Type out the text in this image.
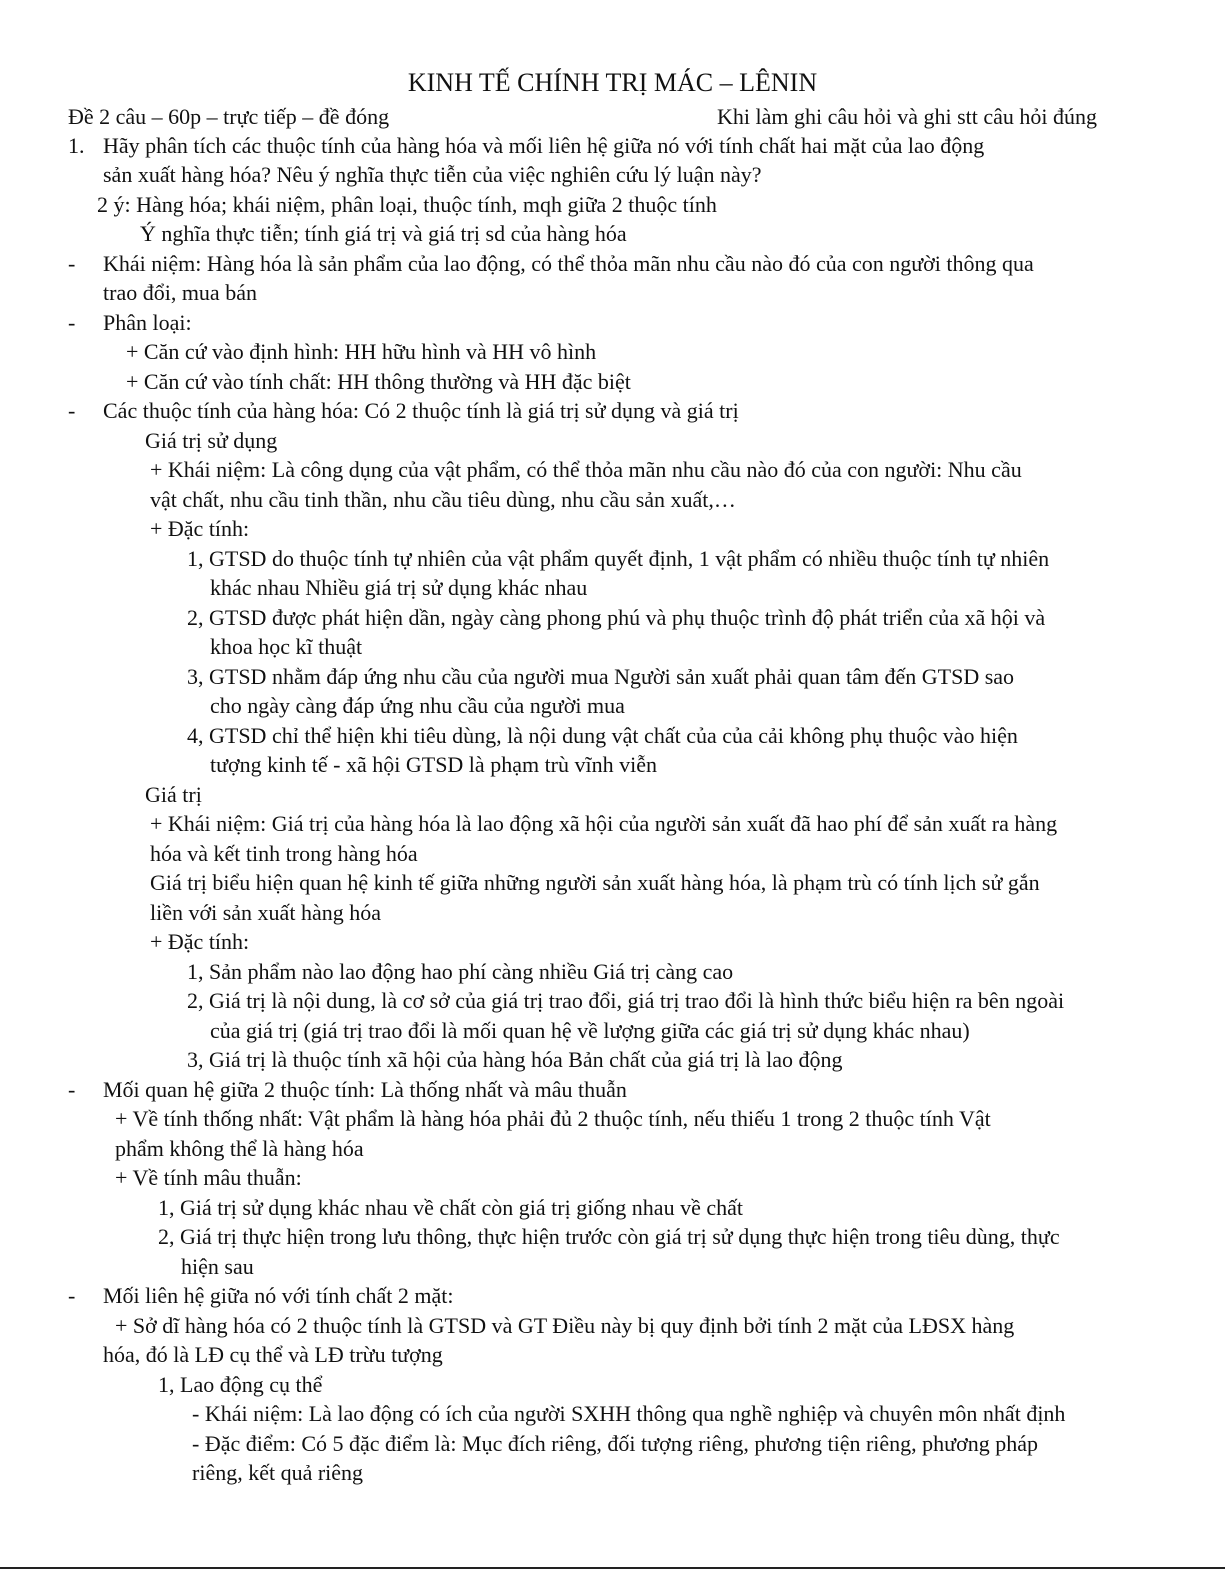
KINH TẾ CHÍNH TRỊ MÁC – LÊNIN
Đề 2 câu – 60p – trực tiếp – đề đóng	Khi làm ghi câu hỏi và ghi stt câu hỏi đúng
1. Hãy phân tích các thuộc tính của hàng hóa và mối liên hệ giữa nó với tính chất hai mặt của lao động
sản xuất hàng hóa? Nêu ý nghĩa thực tiễn của việc nghiên cứu lý luận này?
2 ý: Hàng hóa; khái niệm, phân loại, thuộc tính, mqh giữa 2 thuộc tính
Ý nghĩa thực tiễn; tính giá trị và giá trị sd của hàng hóa
- Khái niệm: Hàng hóa là sản phẩm của lao động, có thể thỏa mãn nhu cầu nào đó của con người thông qua
trao đổi, mua bán
- Phân loại:
+ Căn cứ vào định hình: HH hữu hình và HH vô hình
+ Căn cứ vào tính chất: HH thông thường và HH đặc biệt
- Các thuộc tính của hàng hóa: Có 2 thuộc tính là giá trị sử dụng và giá trị
Giá trị sử dụng
+ Khái niệm: Là công dụng của vật phẩm, có thể thỏa mãn nhu cầu nào đó của con người: Nhu cầu
vật chất, nhu cầu tinh thần, nhu cầu tiêu dùng, nhu cầu sản xuất,…
+ Đặc tính:
1, GTSD do thuộc tính tự nhiên của vật phẩm quyết định, 1 vật phẩm có nhiều thuộc tính tự nhiên
khác nhau Nhiều giá trị sử dụng khác nhau
2, GTSD được phát hiện dần, ngày càng phong phú và phụ thuộc trình độ phát triển của xã hội và
khoa học kĩ thuật
3, GTSD nhằm đáp ứng nhu cầu của người mua Người sản xuất phải quan tâm đến GTSD sao
cho ngày càng đáp ứng nhu cầu của người mua
4, GTSD chỉ thể hiện khi tiêu dùng, là nội dung vật chất của của cải không phụ thuộc vào hiện
tượng kinh tế - xã hội GTSD là phạm trù vĩnh viễn
Giá trị
+ Khái niệm: Giá trị của hàng hóa là lao động xã hội của người sản xuất đã hao phí để sản xuất ra hàng
hóa và kết tinh trong hàng hóa
Giá trị biểu hiện quan hệ kinh tế giữa những người sản xuất hàng hóa, là phạm trù có tính lịch sử gắn
liền với sản xuất hàng hóa
+ Đặc tính:
1, Sản phẩm nào lao động hao phí càng nhiều Giá trị càng cao
2, Giá trị là nội dung, là cơ sở của giá trị trao đổi, giá trị trao đổi là hình thức biểu hiện ra bên ngoài
của giá trị (giá trị trao đổi là mối quan hệ về lượng giữa các giá trị sử dụng khác nhau)
3, Giá trị là thuộc tính xã hội của hàng hóa Bản chất của giá trị là lao động
- Mối quan hệ giữa 2 thuộc tính: Là thống nhất và mâu thuẫn
+ Về tính thống nhất: Vật phẩm là hàng hóa phải đủ 2 thuộc tính, nếu thiếu 1 trong 2 thuộc tính Vật
phẩm không thể là hàng hóa
+ Về tính mâu thuẫn:
1, Giá trị sử dụng khác nhau về chất còn giá trị giống nhau về chất
2, Giá trị thực hiện trong lưu thông, thực hiện trước còn giá trị sử dụng thực hiện trong tiêu dùng, thực
hiện sau
- Mối liên hệ giữa nó với tính chất 2 mặt:
+ Sở dĩ hàng hóa có 2 thuộc tính là GTSD và GT Điều này bị quy định bởi tính 2 mặt của LĐSX hàng
hóa, đó là LĐ cụ thể và LĐ trừu tượng
1, Lao động cụ thể
- Khái niệm: Là lao động có ích của người SXHH thông qua nghề nghiệp và chuyên môn nhất định
- Đặc điểm: Có 5 đặc điểm là: Mục đích riêng, đối tượng riêng, phương tiện riêng, phương pháp
riêng, kết quả riêng
